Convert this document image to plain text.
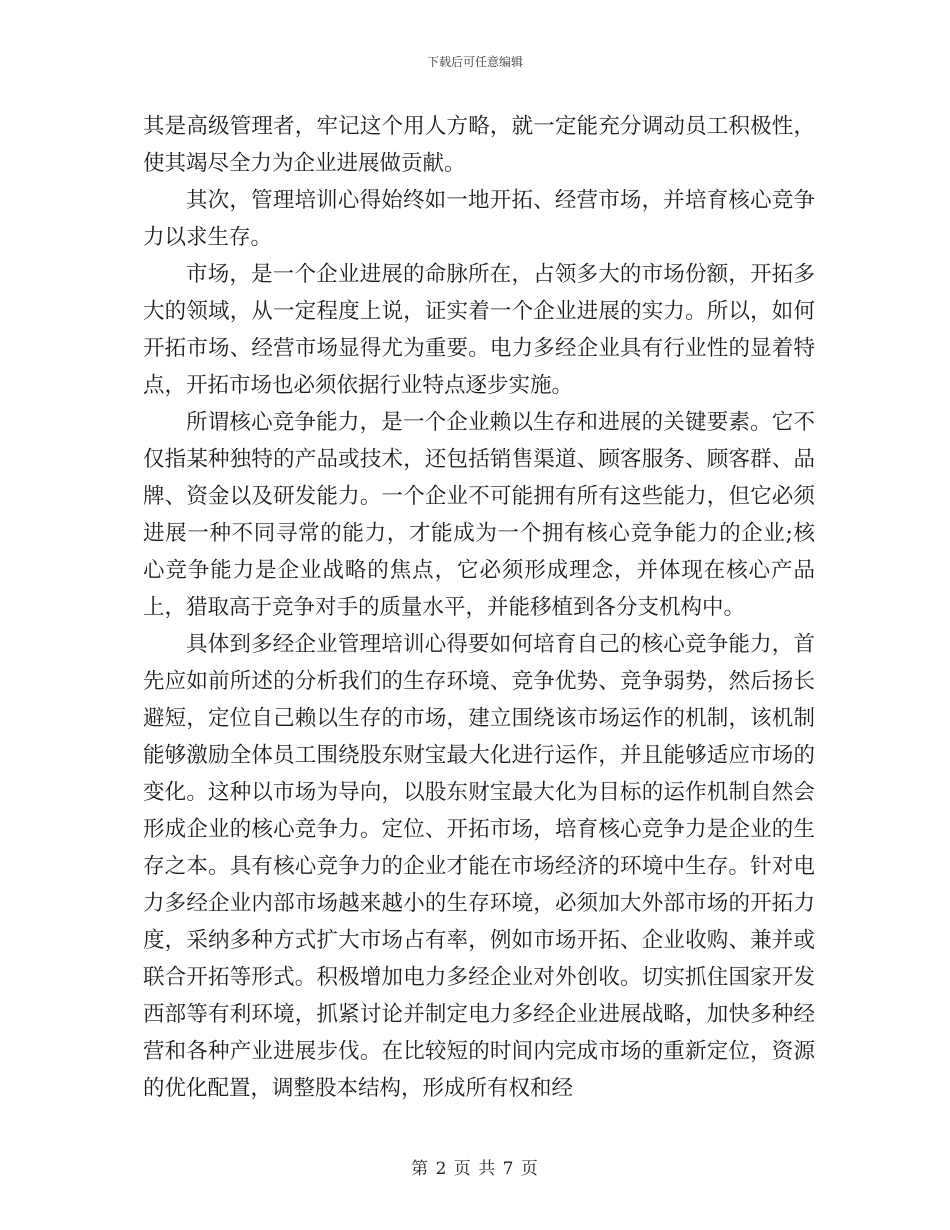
下载后可任意编辑

其是高级管理者，牢记这个用人方略，就一定能充分调动员工积极性，使其竭尽全力为企业进展做贡献。

其次，管理培训心得始终如一地开拓、经营市场，并培育核心竞争力以求生存。

市场，是一个企业进展的命脉所在，占领多大的市场份额，开拓多大的领域，从一定程度上说，证实着一个企业进展的实力。所以，如何开拓市场、经营市场显得尤为重要。电力多经企业具有行业性的显着特点，开拓市场也必须依据行业特点逐步实施。

所谓核心竞争能力，是一个企业赖以生存和进展的关键要素。它不仅指某种独特的产品或技术，还包括销售渠道、顾客服务、顾客群、品牌、资金以及研发能力。一个企业不可能拥有所有这些能力，但它必须进展一种不同寻常的能力，才能成为一个拥有核心竞争能力的企业;核心竞争能力是企业战略的焦点，它必须形成理念，并体现在核心产品上，猎取高于竞争对手的质量水平，并能移植到各分支机构中。

具体到多经企业管理培训心得要如何培育自己的核心竞争能力，首先应如前所述的分析我们的生存环境、竞争优势、竞争弱势，然后扬长避短，定位自己赖以生存的市场，建立围绕该市场运作的机制，该机制能够激励全体员工围绕股东财宝最大化进行运作，并且能够适应市场的变化。这种以市场为导向，以股东财宝最大化为目标的运作机制自然会形成企业的核心竞争力。定位、开拓市场，培育核心竞争力是企业的生存之本。具有核心竞争力的企业才能在市场经济的环境中生存。针对电力多经企业内部市场越来越小的生存环境，必须加大外部市场的开拓力度，采纳多种方式扩大市场占有率，例如市场开拓、企业收购、兼并或联合开拓等形式。积极增加电力多经企业对外创收。切实抓住国家开发西部等有利环境，抓紧讨论并制定电力多经企业进展战略，加快多种经营和各种产业进展步伐。在比较短的时间内完成市场的重新定位，资源的优化配置，调整股本结构，形成所有权和经

第 2 页 共 7 页
